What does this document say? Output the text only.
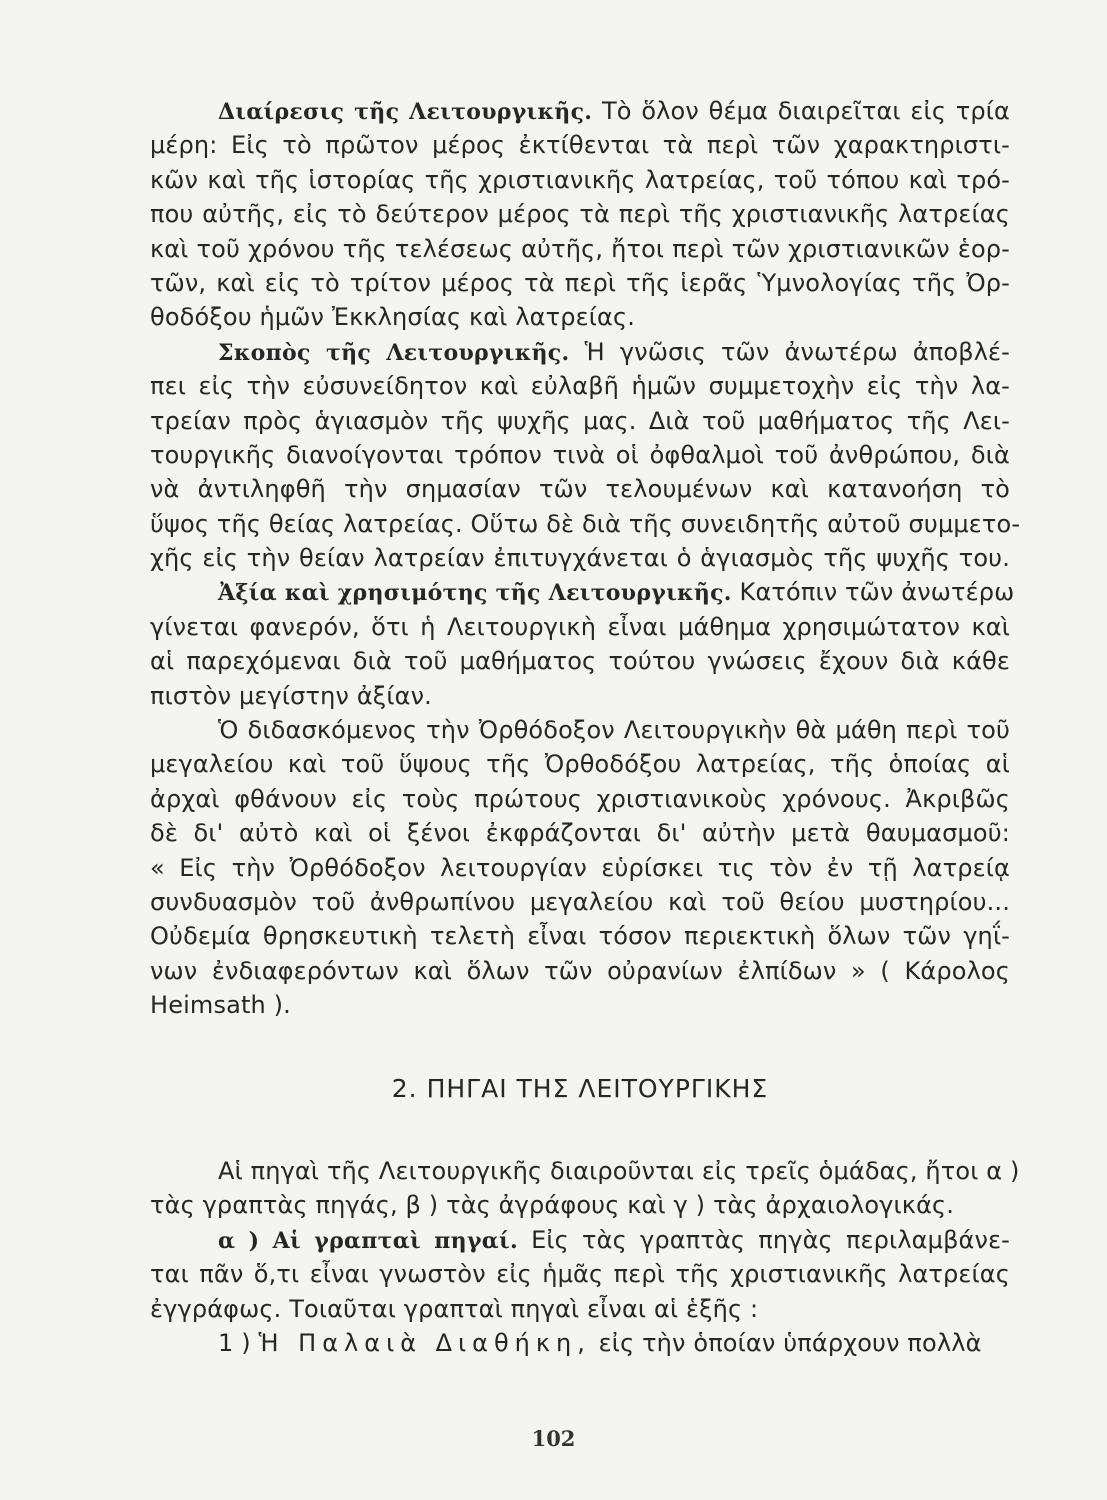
Διαίρεσις τῆς Λειτουργικῆς. Τὸ ὅλον θέμα διαιρεῖται εἰς τρία
μέρη: Εἰς τὸ πρῶτον μέρος ἐκτίθενται τὰ περὶ τῶν χαρακτηριστι-
κῶν καὶ τῆς ἱστορίας τῆς χριστιανικῆς λατρείας, τοῦ τόπου καὶ τρό-
που αὐτῆς, εἰς τὸ δεύτερον μέρος τὰ περὶ τῆς χριστιανικῆς λατρείας
καὶ τοῦ χρόνου τῆς τελέσεως αὐτῆς, ἤτοι περὶ τῶν χριστιανικῶν ἑορ-
τῶν, καὶ εἰς τὸ τρίτον μέρος τὰ περὶ τῆς ἱερᾶς Ὑμνολογίας τῆς Ὀρ-
θοδόξου ἡμῶν Ἐκκλησίας καὶ λατρείας.
Σκοπὸς τῆς Λειτουργικῆς. Ἡ γνῶσις τῶν ἀνωτέρω ἀποβλέ-
πει εἰς τὴν εὐσυνείδητον καὶ εὐλαβῆ ἡμῶν συμμετοχὴν εἰς τὴν λα-
τρείαν πρὸς ἁγιασμὸν τῆς ψυχῆς μας. Διὰ τοῦ μαθήματος τῆς Λει-
τουργικῆς διανοίγονται τρόπον τινὰ οἱ ὀφθαλμοὶ τοῦ ἀνθρώπου, διὰ
νὰ ἀντιληφθῆ τὴν σημασίαν τῶν τελουμένων καὶ κατανοήση τὸ
ὕψος τῆς θείας λατρείας. Οὕτω δὲ διὰ τῆς συνειδητῆς αὐτοῦ συμμετο-
χῆς εἰς τὴν θείαν λατρείαν ἐπιτυγχάνεται ὁ ἁγιασμὸς τῆς ψυχῆς του.
Ἀξία καὶ χρησιμότης τῆς Λειτουργικῆς. Κατόπιν τῶν ἀνωτέρω
γίνεται φανερόν, ὅτι ἡ Λειτουργικὴ εἶναι μάθημα χρησιμώτατον καὶ
αἱ παρεχόμεναι διὰ τοῦ μαθήματος τούτου γνώσεις ἔχουν διὰ κάθε
πιστὸν μεγίστην ἀξίαν.
Ὁ διδασκόμενος τὴν Ὀρθόδοξον Λειτουργικὴν θὰ μάθη περὶ τοῦ
μεγαλείου καὶ τοῦ ὕψους τῆς Ὀρθοδόξου λατρείας, τῆς ὁποίας αἱ
ἀρχαὶ φθάνουν εἰς τοὺς πρώτους χριστιανικοὺς χρόνους. Ἀκριβῶς
δὲ δι' αὐτὸ καὶ οἱ ξένοι ἐκφράζονται δι' αὐτὴν μετὰ θαυμασμοῦ:
« Εἰς τὴν Ὀρθόδοξον λειτουργίαν εὑρίσκει τις τὸν ἐν τῇ λατρείᾳ
συνδυασμὸν τοῦ ἀνθρωπίνου μεγαλείου καὶ τοῦ θείου μυστηρίου...
Οὐδεμία θρησκευτικὴ τελετὴ εἶναι τόσον περιεκτικὴ ὅλων τῶν γηΐ-
νων ἐνδιαφερόντων καὶ ὅλων τῶν οὐρανίων ἐλπίδων » ( Κάρολος
Heimsath ).
2. ΠΗΓΑΙ ΤΗΣ ΛΕΙΤΟΥΡΓΙΚΗΣ
Αἱ πηγαὶ τῆς Λειτουργικῆς διαιροῦνται εἰς τρεῖς ὁμάδας, ἤτοι α )
τὰς γραπτὰς πηγάς, β ) τὰς ἀγράφους καὶ γ ) τὰς ἀρχαιολογικάς.
α ) Αἱ γραπταὶ πηγαί. Εἰς τὰς γραπτὰς πηγὰς περιλαμβάνε-
ται πᾶν ὅ,τι εἶναι γνωστὸν εἰς ἡμᾶς περὶ τῆς χριστιανικῆς λατρείας
ἐγγράφως. Τοιαῦται γραπταὶ πηγαὶ εἶναι αἱ ἑξῆς :
1 ) Ἡ Παλαιὰ Διαθήκη, εἰς τὴν ὁποίαν ὑπάρχουν πολλὰ
102
